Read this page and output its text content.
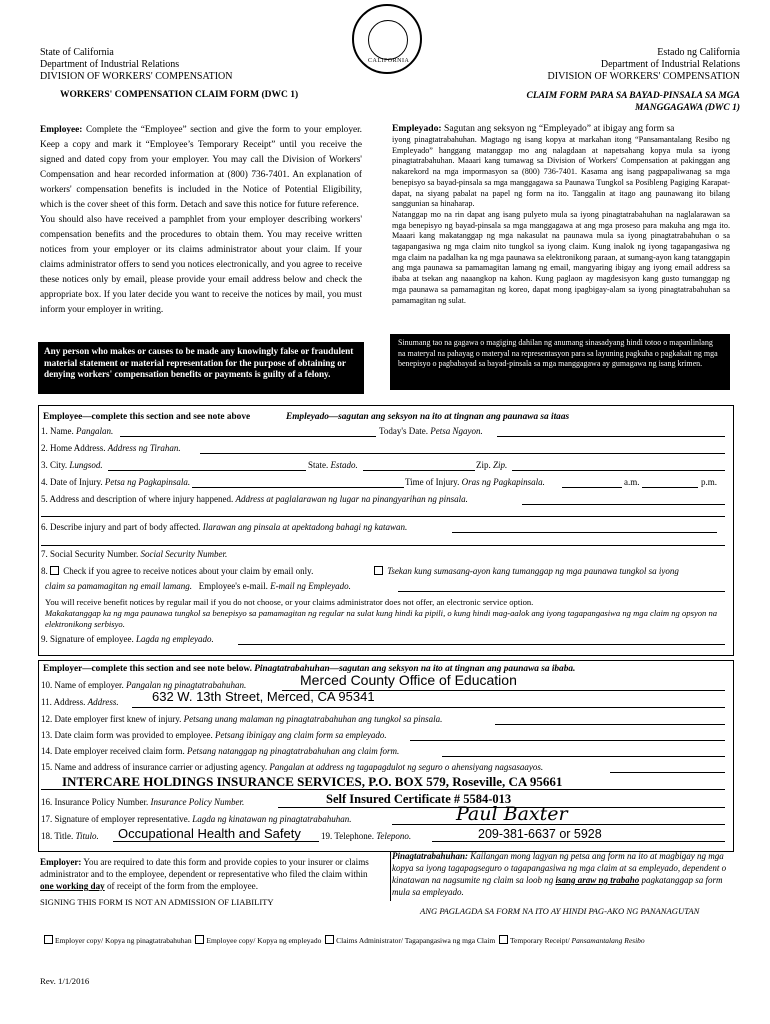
State of California
Department of Industrial Relations
DIVISION OF WORKERS' COMPENSATION
CALIFORNIA
Estado ng California
Department of Industrial Relations
DIVISION OF WORKERS' COMPENSATION
WORKERS' COMPENSATION CLAIM FORM (DWC 1)	CLAIM FORM PARA SA BAYAD-PINSALA SA MGA
MANGGAGAWA (DWC 1)
Employee: Complete the “Employee” section and give the form to your employer. Keep a copy and mark it “Employee’s Temporary Receipt” until you receive the signed and dated copy from your employer. You may call the Division of Workers' Compensation and hear recorded information at (800) 736-7401. An explanation of workers' compensation benefits is included in the Notice of Potential Eligibility, which is the cover sheet of this form. Detach and save this notice for future reference.
You should also have received a pamphlet from your employer describing workers' compensation benefits and the procedures to obtain them. You may receive written notices from your employer or its claims administrator about your claim. If your claims administrator offers to send you notices electronically, and you agree to receive these notices only by email, please provide your email address below and check the appropriate box. If you later decide you want to receive the notices by mail, you must inform your employer in writing.
Any person who makes or causes to be made any knowingly false or fraudulent material statement or material representation for the purpose of obtaining or denying workers' compensation benefits or payments is guilty of a felony.
Empleyado: Sagutan ang seksyon ng “Empleyado” at ibigay ang form sa
iyong pinagtatrabahuhan. Magtago ng isang kopya at markahan itong “Pansamantalang Resibo ng Empleyado” hanggang matanggap mo ang nalagdaan at napetsahang kopya mula sa iyong pinagtatrabahuhan. Maaari kang tumawag sa Division of Workers' Compensation at pakinggan ang nakarekord na mga impormasyon sa (800) 736-7401. Kasama ang isang pagpapaliwanag sa mga benepisyo sa bayad-pinsala sa mga manggagawa sa Paunawa Tungkol sa Posibleng Pagiging Karapat-dapat, na siyang pabalat na papel ng form na ito. Tanggalin at itago ang paunawang ito bilang sanggunian sa hinaharap.
Natanggap mo na rin dapat ang isang pulyeto mula sa iyong pinagtatrabahuhan na naglalarawan sa mga benepisyo ng bayad-pinsala sa mga manggagawa at ang mga proseso para makuha ang mga ito. Maaari kang makatanggap ng mga nakasulat na paunawa mula sa iyong pinagtatrabahuhan o sa tagapangasiwa ng mga claim nito tungkol sa iyong claim. Kung inalok ng iyong tagapangasiwa ng mga claim na padalhan ka ng mga paunawa sa elektronikong paraan, at sumang-ayon kang tatanggapin ang mga paunawa sa pamamagitan lamang ng email, mangyaring ibigay ang iyong email address sa ibaba at tsekan ang naaangkop na kahon. Kung paglaon ay magdesisyon kang gusto tumanggap ng mga paunawa sa pamamagitan ng koreo, dapat mong ipagbigay-alam sa iyong pinagtatrabahuhan sa pamamagitan ng sulat.
Sinumang tao na gagawa o magiging dahilan ng anumang sinasadyang hindi totoo o mapanlinlang na materyal na pahayag o materyal na representasyon para sa layuning pagkuha o pagkakait ng mga benepisyo o pagbabayad sa bayad-pinsala sa mga manggagawa ay gumagawa ng isang krimen.
Employee—complete this section and see note above	Empleyado—sagutan ang seksyon na ito at tingnan ang paunawa sa itaas
1. Name. Pangalan.	Today's Date. Petsa Ngayon.
2. Home Address. Address ng Tirahan.
3. City. Lungsod.	State. Estado.	Zip. Zip.
4. Date of Injury. Petsa ng Pagkapinsala.	Time of Injury. Oras ng Pagkapinsala.	a.m.	p.m.
5. Address and description of where injury happened. Address at paglalarawan ng lugar na pinangyarihan ng pinsala.
6. Describe injury and part of body affected. Ilarawan ang pinsala at apektadong bahagi ng katawan.
7. Social Security Number. Social Security Number.
8. Check if you agree to receive notices about your claim by email only.	Tsekan kung sumasang-ayon kang tumanggap ng mga paunawa tungkol sa iyong
claim sa pamamagitan ng email lamang. Employee's e-mail. E-mail ng Empleyado.
You will receive benefit notices by regular mail if you do not choose, or your claims administrator does not offer, an electronic service option.
Makakatanggap ka ng mga paunawa tungkol sa benepisyo sa pamamagitan ng regular na sulat kung hindi ka pipili, o kung hindi mag-aalok ang iyong tagapangasiwa ng mga claim ng opsyon na elektronikong serbisyo.
9. Signature of employee. Lagda ng empleyado.
Employer—complete this section and see note below. Pinagtatrabahuhan—sagutan ang seksyon na ito at tingnan ang paunawa sa ibaba.
10. Name of employer. Pangalan ng pinagtatrabahuhan.	Merced County Office of Education
11. Address. Address.	632 W. 13th Street, Merced, CA 95341
12. Date employer first knew of injury. Petsang unang malaman ng pinagtatrabahuhan ang tungkol sa pinsala.
13. Date claim form was provided to employee. Petsang ibinigay ang claim form sa empleyado.
14. Date employer received claim form. Petsang natanggap ng pinagtatrabahuhan ang claim form.
15. Name and address of insurance carrier or adjusting agency. Pangalan at address ng tagapagdulot ng seguro o ahensiyang nagsasaayos.
INTERCARE HOLDINGS INSURANCE SERVICES, P.O. BOX 579, Roseville, CA 95661
16. Insurance Policy Number. Insurance Policy Number.	Self Insured Certificate # 5584-013
17. Signature of employer representative. Lagda ng kinatawan ng pinagtatrabahuhan.	Paul Baxter
18. Title. Titulo. Occupational Health and Safety 19. Telephone. Telepono.	209-381-6637 or 5928
Employer: You are required to date this form and provide copies to your insurer or claims administrator and to the employee, dependent or representative who filed the claim within one working day of receipt of the form from the employee.
SIGNING THIS FORM IS NOT AN ADMISSION OF LIABILITY
Pinagtatrabahuhan: Kailangan mong lagyan ng petsa ang form na ito at magbigay ng mga kopya sa iyong tagapagseguro o tagapangasiwa ng mga claim at sa empleyado, dependent o kinatawan na nagsumite ng claim sa loob ng isang araw ng trabaho pagkatanggap sa form mula sa empleyado.
ANG PAGLAGDA SA FORM NA ITO AY HINDI PAG-AKO NG PANANAGUTAN
Employer copy/ Kopya ng pinagtatrabahuhan Employee copy/ Kopya ng empleyado Claims Administrator/ Tagapangasiwa ng mga Claim Temporary Receipt/ Pansamantalang Resibo
Rev. 1/1/2016
